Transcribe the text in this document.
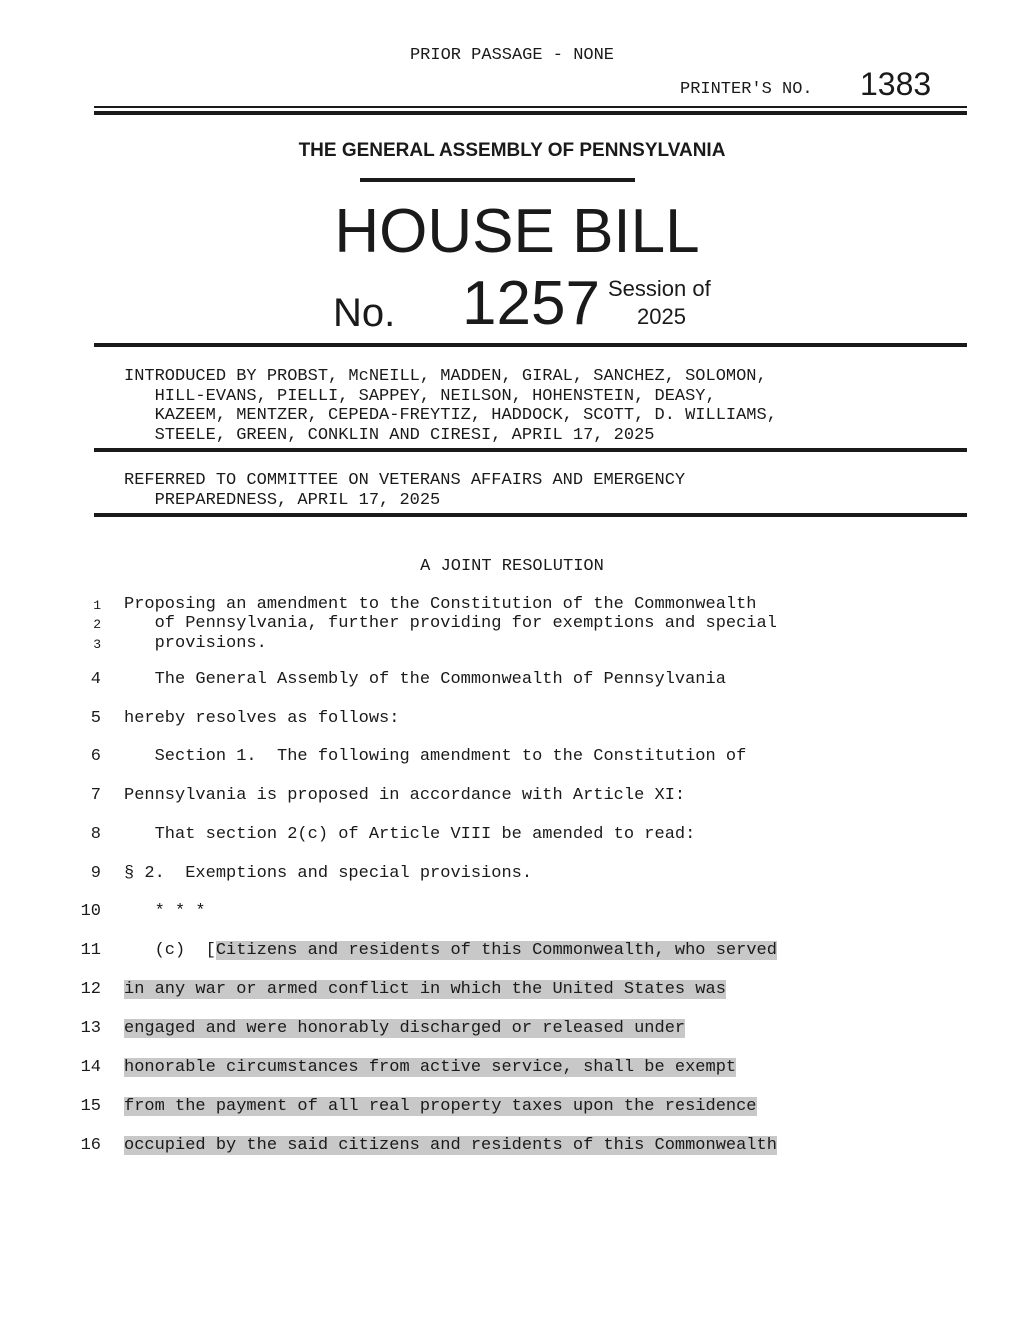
PRIOR PASSAGE - NONE
PRINTER'S NO. 1383
THE GENERAL ASSEMBLY OF PENNSYLVANIA
HOUSE BILL
No. 1257 Session of
2025
INTRODUCED BY PROBST, McNEILL, MADDEN, GIRAL, SANCHEZ, SOLOMON,
HILL-EVANS, PIELLI, SAPPEY, NEILSON, HOHENSTEIN, DEASY,
KAZEEM, MENTZER, CEPEDA-FREYTIZ, HADDOCK, SCOTT, D. WILLIAMS,
STEELE, GREEN, CONKLIN AND CIRESI, APRIL 17, 2025
REFERRED TO COMMITTEE ON VETERANS AFFAIRS AND EMERGENCY
PREPAREDNESS, APRIL 17, 2025
A JOINT RESOLUTION
1 Proposing an amendment to the Constitution of the Commonwealth
2 of Pennsylvania, further providing for exemptions and special
3 provisions.
4 The General Assembly of the Commonwealth of Pennsylvania
5 hereby resolves as follows:
6 Section 1.  The following amendment to the Constitution of
7 Pennsylvania is proposed in accordance with Article XI:
8 That section 2(c) of Article VIII be amended to read:
9 § 2.  Exemptions and special provisions.
10 * * *
11 (c)  [Citizens and residents of this Commonwealth, who served
12 in any war or armed conflict in which the United States was
13 engaged and were honorably discharged or released under
14 honorable circumstances from active service, shall be exempt
15 from the payment of all real property taxes upon the residence
16 occupied by the said citizens and residents of this Commonwealth
